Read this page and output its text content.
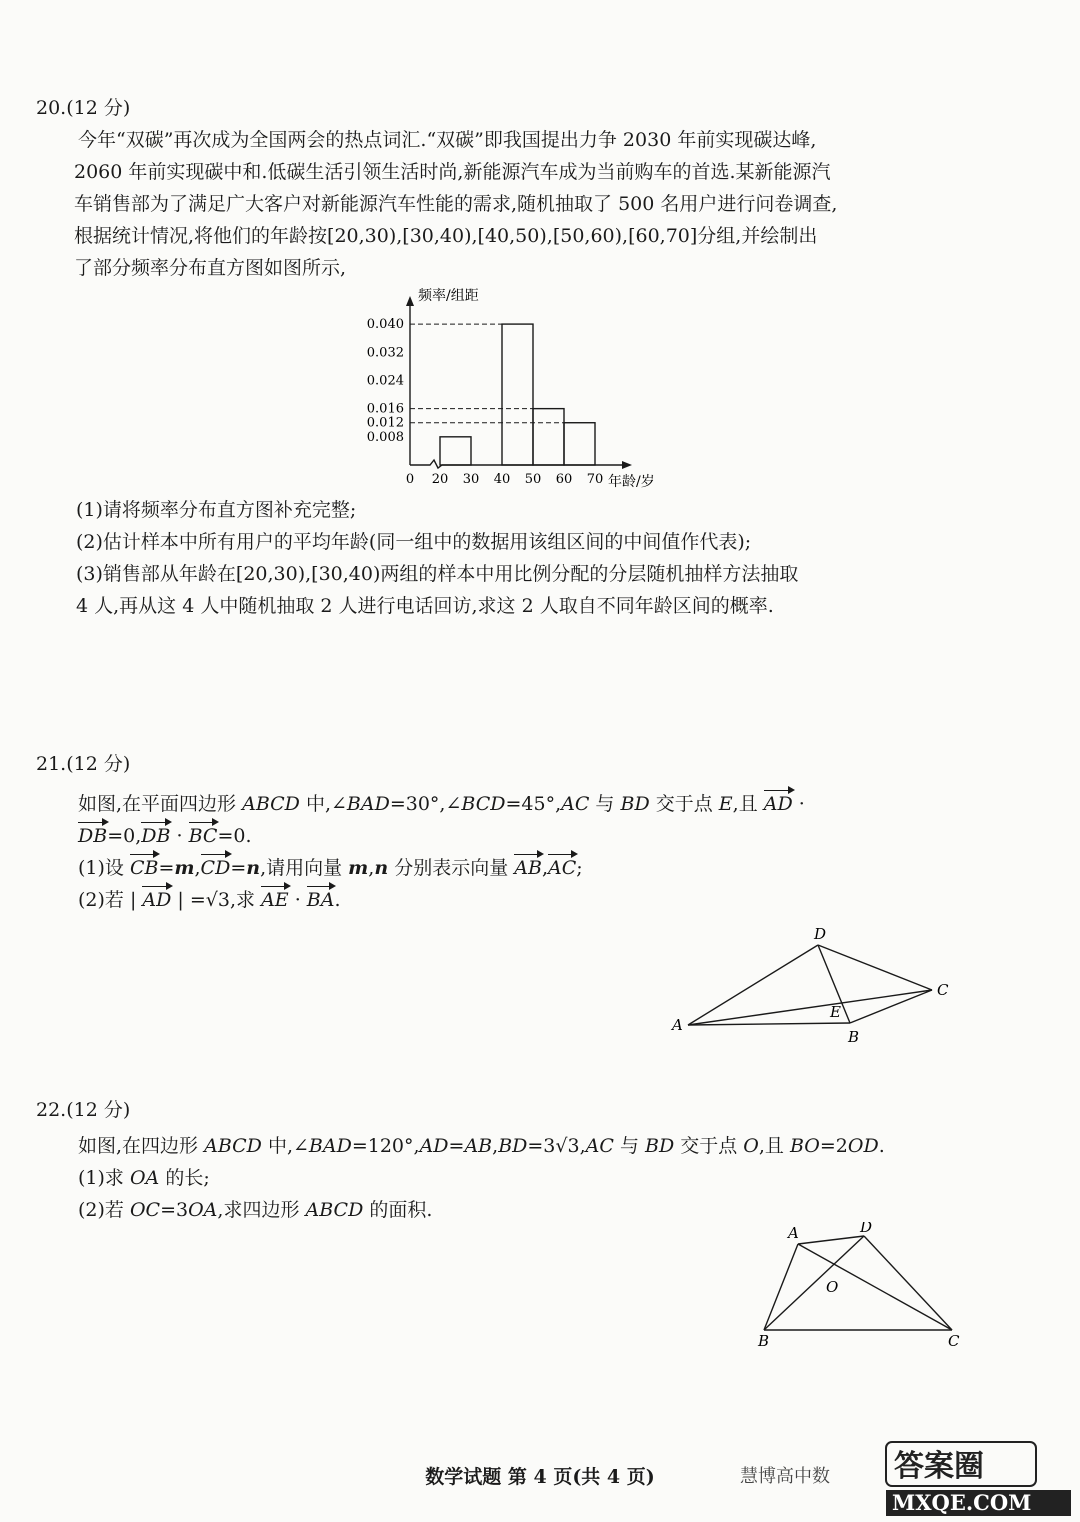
20.(12 分)
今年“双碳”再次成为全国两会的热点词汇.“双碳”即我国提出力争 2030 年前实现碳达峰,
2060 年前实现碳中和.低碳生活引领生活时尚,新能源汽车成为当前购车的首选.某新能源汽
车销售部为了满足广大客户对新能源汽车性能的需求,随机抽取了 500 名用户进行问卷调查,
根据统计情况,将他们的年龄按[20,30),[30,40),[40,50),[50,60),[60,70]分组,并绘制出
了部分频率分布直方图如图所示,
频率/组距
年龄/岁
0.008
0.012
0.016
0.024
0.032
0.040
0 20 30 40 50 60 70
(1)请将频率分布直方图补充完整;
(2)估计样本中所有用户的平均年龄(同一组中的数据用该组区间的中间值作代表);
(3)销售部从年龄在[20,30),[30,40)两组的样本中用比例分配的分层随机抽样方法抽取
4 人,再从这 4 人中随机抽取 2 人进行电话回访,求这 2 人取自不同年龄区间的概率.
21.(12 分)
如图,在平面四边形 ABCD 中,∠BAD=30°,∠BCD=45°,AC 与 BD 交于点 E,且 AD ·
DB=0,DB · BC=0.
(1)设 CB=m,CD=n,请用向量 m,n 分别表示向量 AB,AC;
(2)若 | AD | =√3,求 AE · BA.
A
B
C
D
E
22.(12 分)
如图,在四边形 ABCD 中,∠BAD=120°,AD=AB,BD=3√3,AC 与 BD 交于点 O,且 BO=2OD.
(1)求 OA 的长;
(2)若 OC=3OA,求四边形 ABCD 的面积.
A
B	C
D
O
数学试题 第 4 页(共 4 页)	慧博高中数 答案圈
MXQE.COM
